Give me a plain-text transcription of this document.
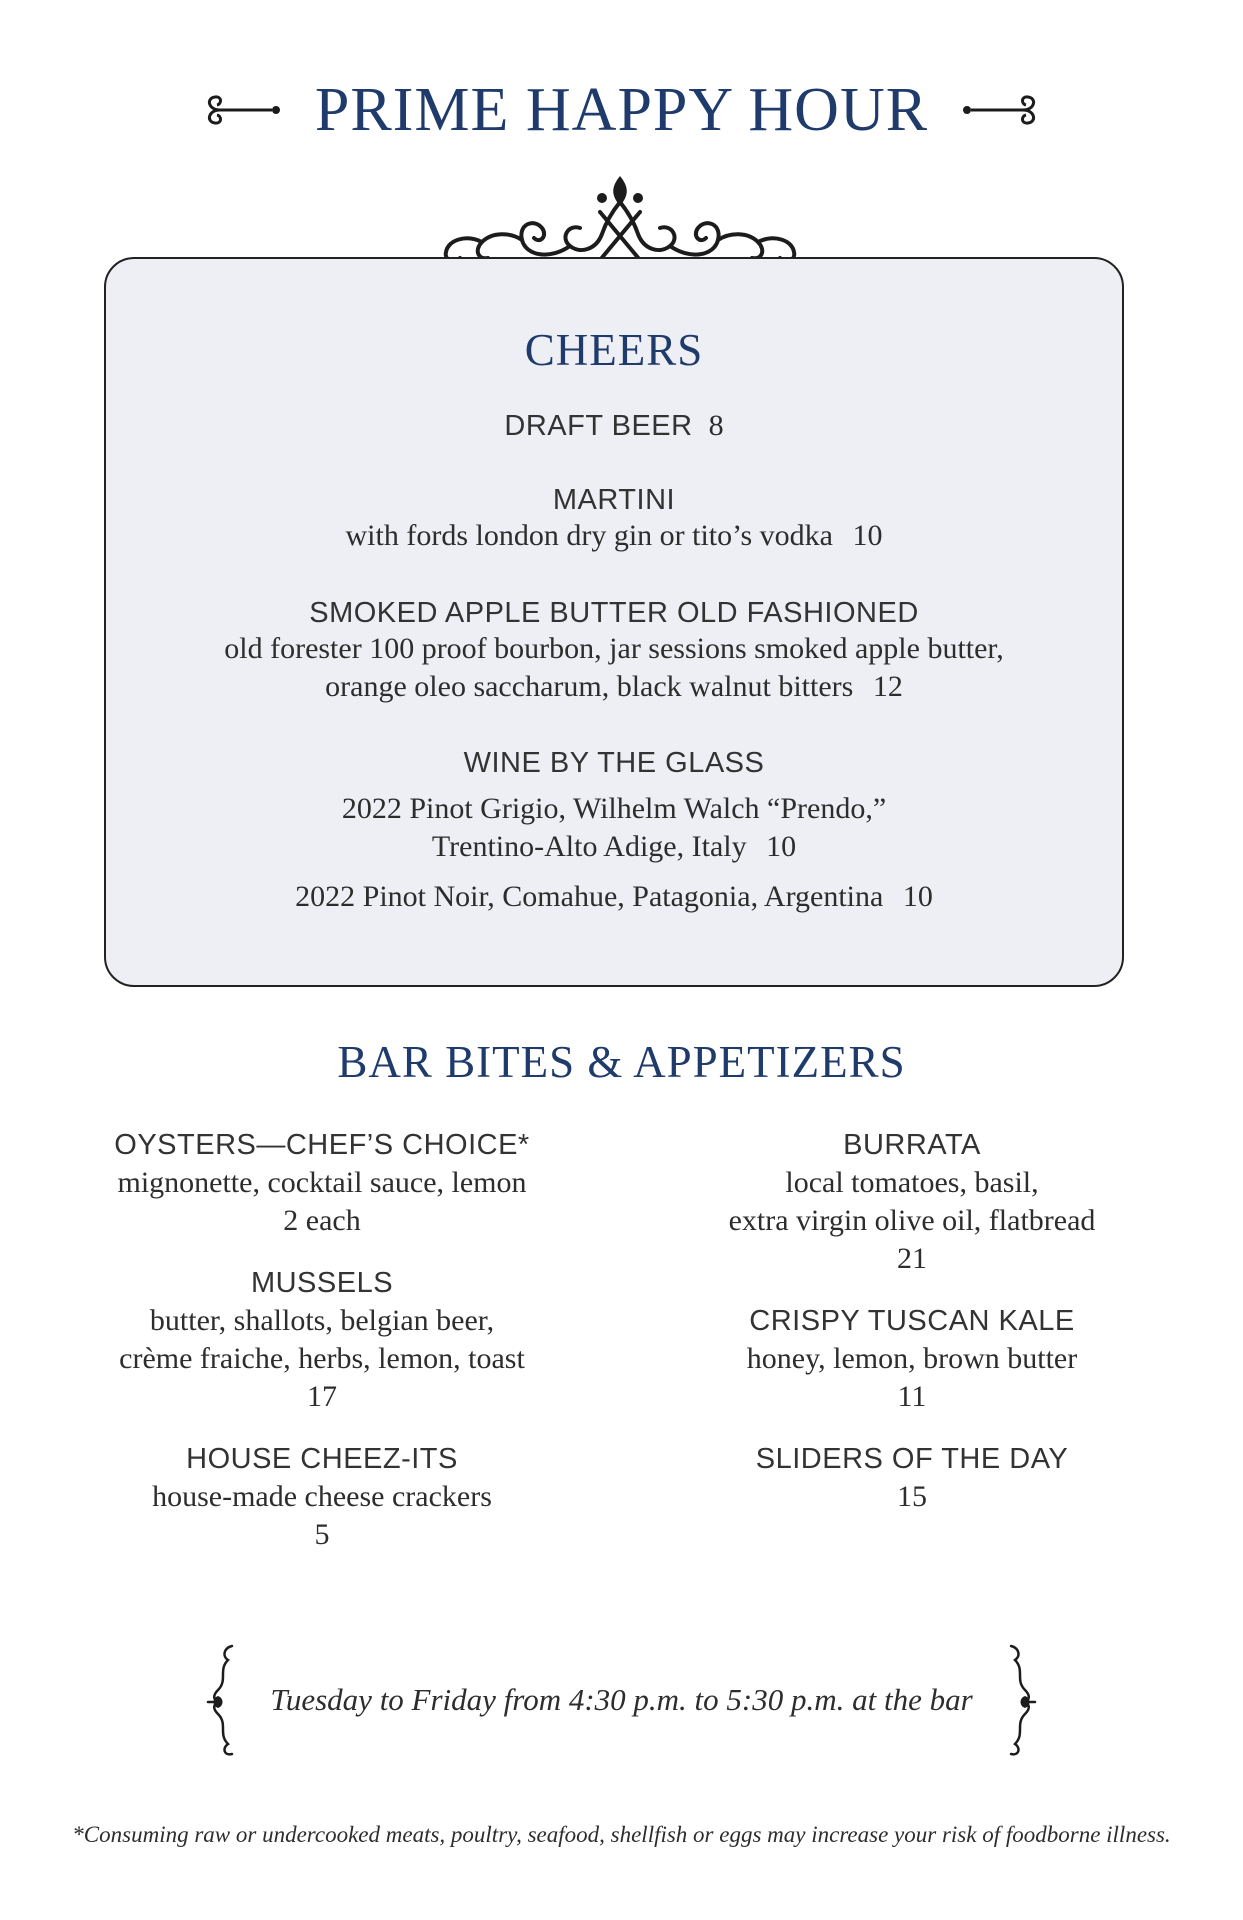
PRIME HAPPY HOUR
CHEERS
DRAFT BEER 8
MARTINI
with fords london dry gin or tito’s vodka 10
SMOKED APPLE BUTTER OLD FASHIONED
old forester 100 proof bourbon, jar sessions smoked apple butter,
orange oleo saccharum, black walnut bitters 12
WINE BY THE GLASS
2022 Pinot Grigio, Wilhelm Walch “Prendo,”
Trentino-Alto Adige, Italy 10
2022 Pinot Noir, Comahue, Patagonia, Argentina 10
BAR BITES & APPETIZERS
OYSTERS—CHEF’S CHOICE*
mignonette, cocktail sauce, lemon
2 each
MUSSELS
butter, shallots, belgian beer,
crème fraiche, herbs, lemon, toast
17
HOUSE CHEEZ-ITS
house-made cheese crackers
5
BURRATA
local tomatoes, basil,
extra virgin olive oil, flatbread
21
CRISPY TUSCAN KALE
honey, lemon, brown butter
11
SLIDERS OF THE DAY
15
Tuesday to Friday from 4:30 p.m. to 5:30 p.m. at the bar
*Consuming raw or undercooked meats, poultry, seafood, shellfish or eggs may increase your risk of foodborne illness.
